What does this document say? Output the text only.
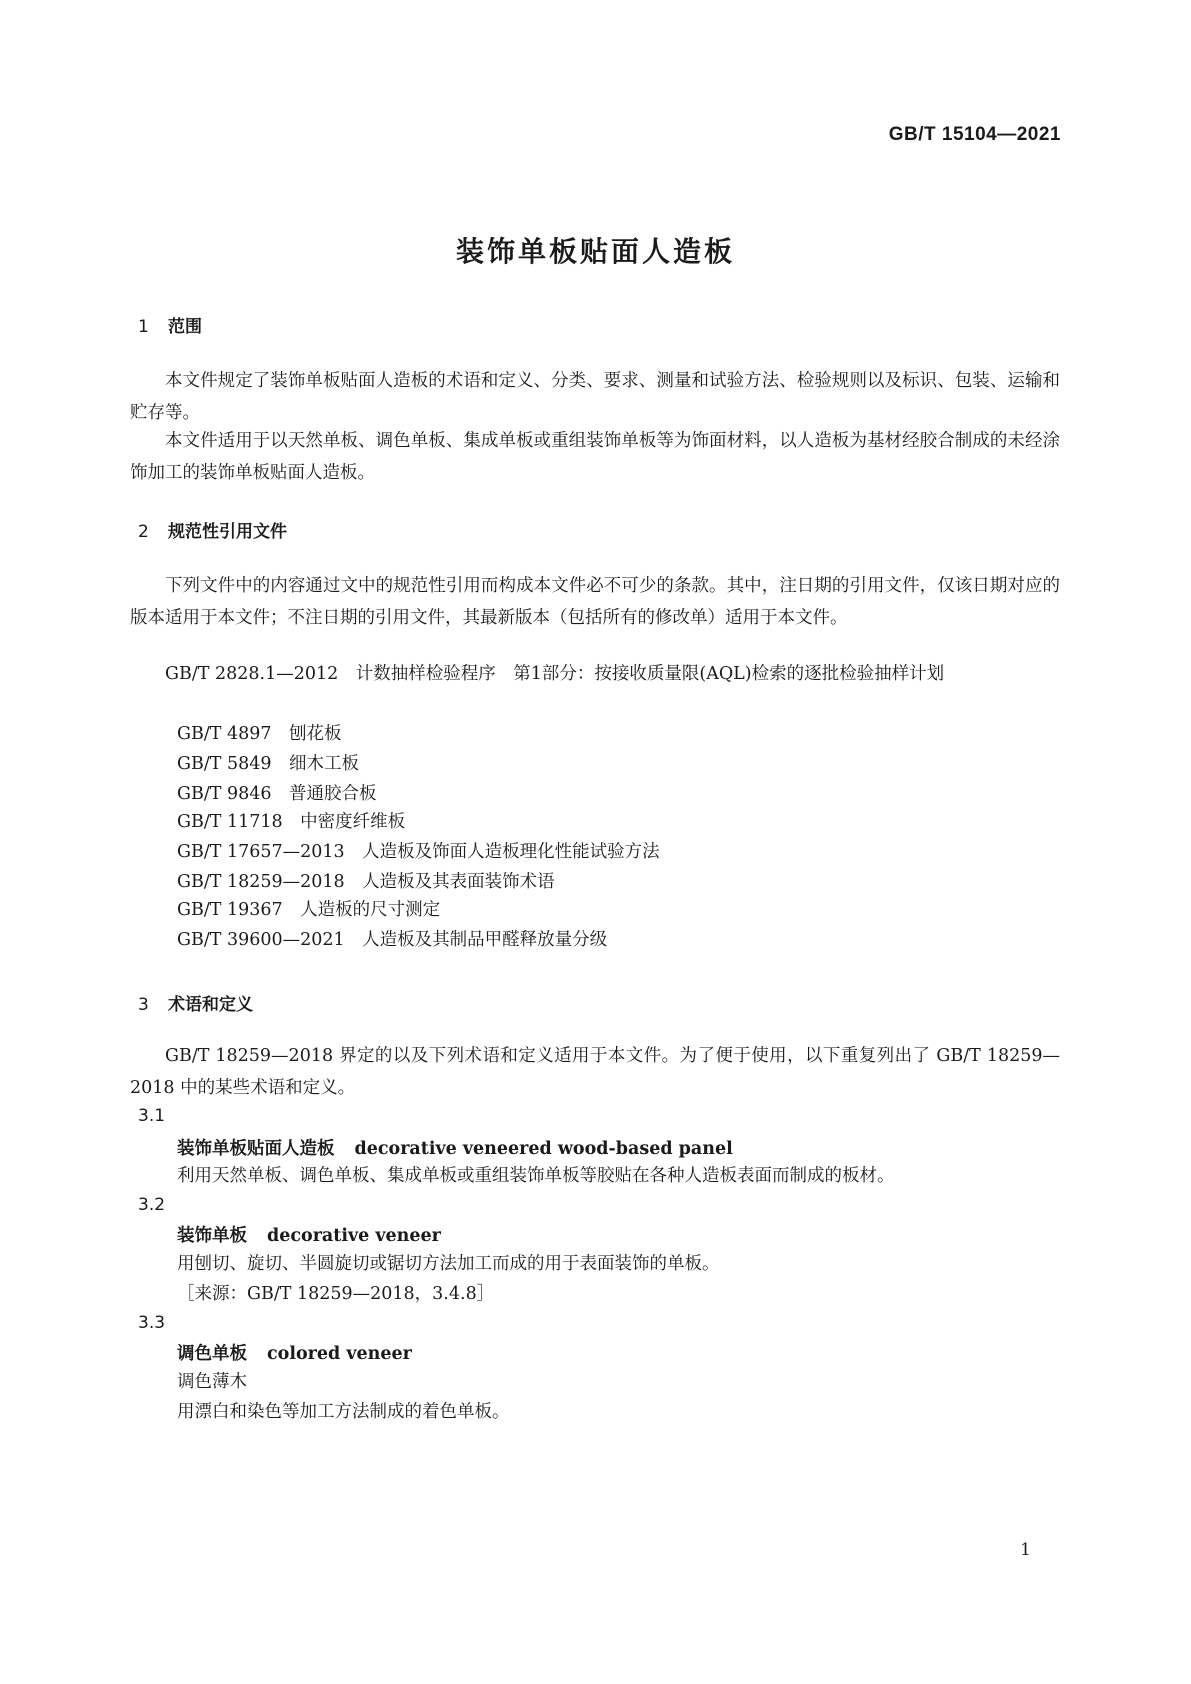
GB/T 15104—2021
装饰单板贴面人造板
1 范围
本文件规定了装饰单板贴面人造板的术语和定义、分类、要求、测量和试验方法、检验规则以及标识、包装、运输和贮存等。
本文件适用于以天然单板、调色单板、集成单板或重组装饰单板等为饰面材料，以人造板为基材经胶合制成的未经涂饰加工的装饰单板贴面人造板。
2 规范性引用文件
下列文件中的内容通过文中的规范性引用而构成本文件必不可少的条款。其中，注日期的引用文件，仅该日期对应的版本适用于本文件；不注日期的引用文件，其最新版本（包括所有的修改单）适用于本文件。
GB/T 2828.1—2012　计数抽样检验程序　第1部分：按接收质量限(AQL)检索的逐批检验抽样计划
GB/T 4897　刨花板
GB/T 5849　细木工板
GB/T 9846　普通胶合板
GB/T 11718　中密度纤维板
GB/T 17657—2013　人造板及饰面人造板理化性能试验方法
GB/T 18259—2018　人造板及其表面装饰术语
GB/T 19367　人造板的尺寸测定
GB/T 39600—2021　人造板及其制品甲醛释放量分级
3 术语和定义
GB/T 18259—2018 界定的以及下列术语和定义适用于本文件。为了便于使用，以下重复列出了 GB/T 18259—2018 中的某些术语和定义。
3.1
装饰单板贴面人造板 decorative veneered wood-based panel
利用天然单板、调色单板、集成单板或重组装饰单板等胶贴在各种人造板表面而制成的板材。
3.2
装饰单板 decorative veneer
用刨切、旋切、半圆旋切或锯切方法加工而成的用于表面装饰的单板。
［来源：GB/T 18259—2018，3.4.8］
3.3
调色单板 colored veneer
调色薄木
用漂白和染色等加工方法制成的着色单板。
1
